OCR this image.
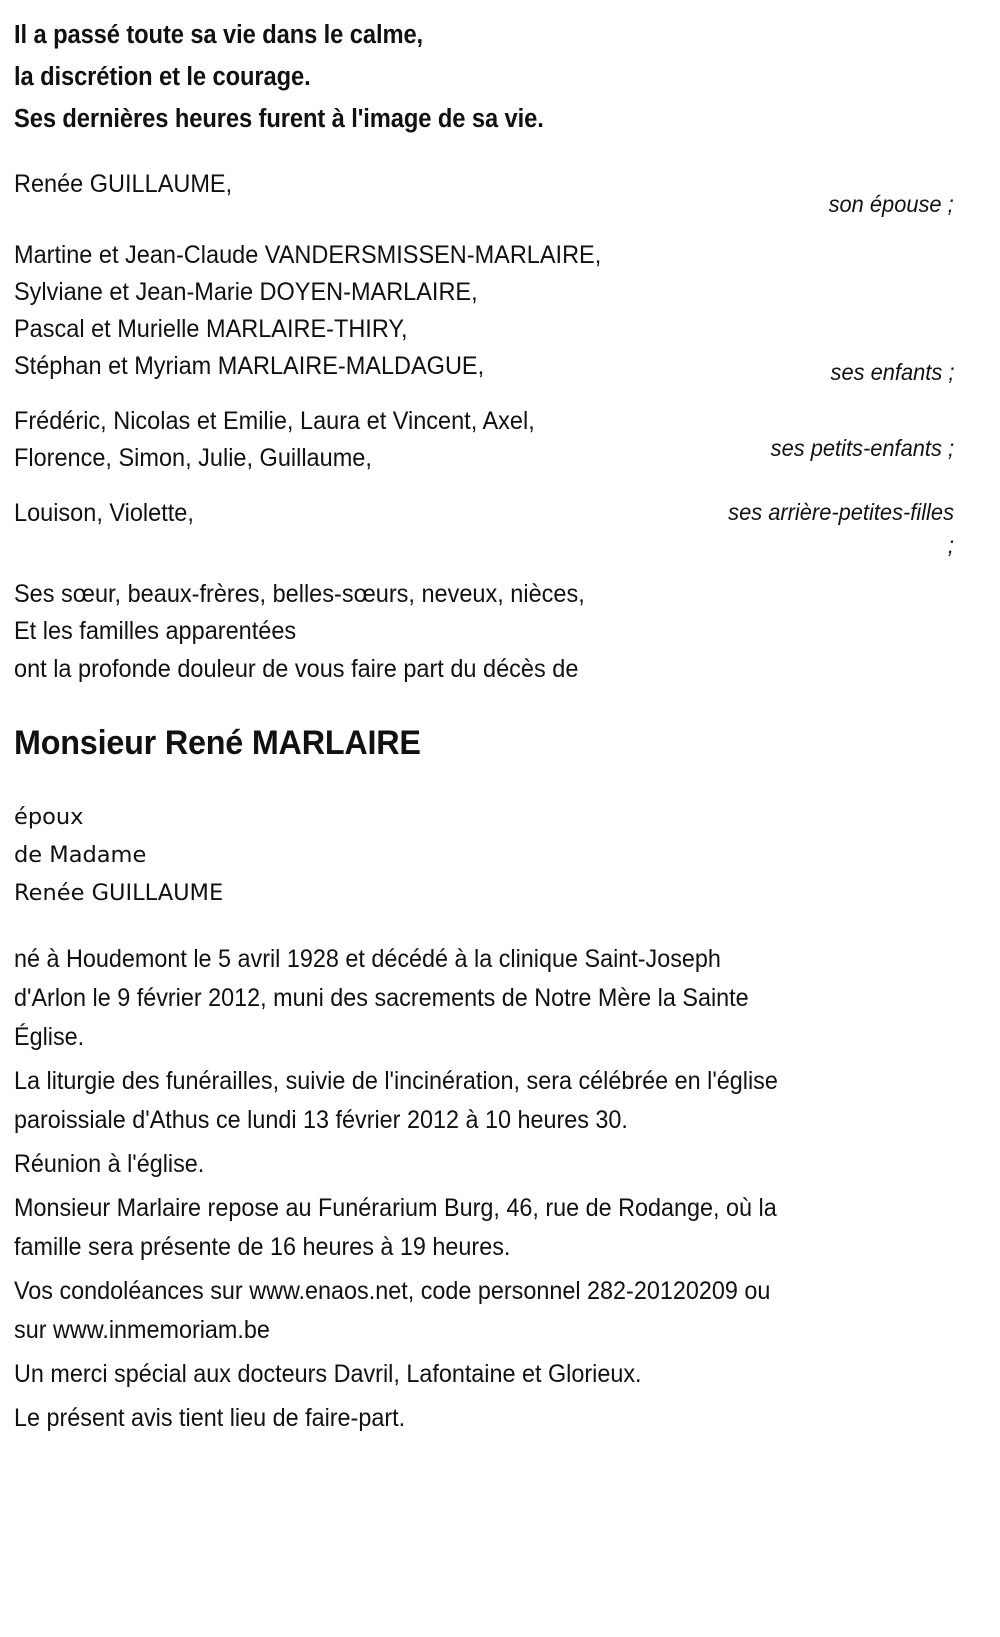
Il a passé toute sa vie dans le calme,
la discrétion et le courage.
Ses dernières heures furent à l'image de sa vie.
Renée GUILLAUME,
Martine et Jean-Claude VANDERSMISSEN-MARLAIRE,
Sylviane et Jean-Marie DOYEN-MARLAIRE,
Pascal et Murielle MARLAIRE-THIRY,
Stéphan et Myriam MARLAIRE-MALDAGUE,
Frédéric, Nicolas et Emilie, Laura et Vincent, Axel,
Florence, Simon, Julie, Guillaume,
Louison, Violette,
Ses sœur, beaux-frères, belles-sœurs, neveux, nièces,
Et les familles apparentées
son épouse ;
ses enfants ;
ses petits-enfants ;
ses arrière-petites-filles ;
ont la profonde douleur de vous faire part du décès de
Monsieur René MARLAIRE
époux
de Madame
Renée GUILLAUME
né à Houdemont le 5 avril 1928 et décédé à la clinique Saint-Joseph
d'Arlon le 9 février 2012, muni des sacrements de Notre Mère la Sainte
Église.
La liturgie des funérailles, suivie de l'incinération, sera célébrée en l'église
paroissiale d'Athus ce lundi 13 février 2012 à 10 heures 30.
Réunion à l'église.
Monsieur Marlaire repose au Funérarium Burg, 46, rue de Rodange, où la
famille sera présente de 16 heures à 19 heures.
Vos condoléances sur www.enaos.net, code personnel 282-20120209 ou
sur www.inmemoriam.be
Un merci spécial aux docteurs Davril, Lafontaine et Glorieux.
Le présent avis tient lieu de faire-part.
